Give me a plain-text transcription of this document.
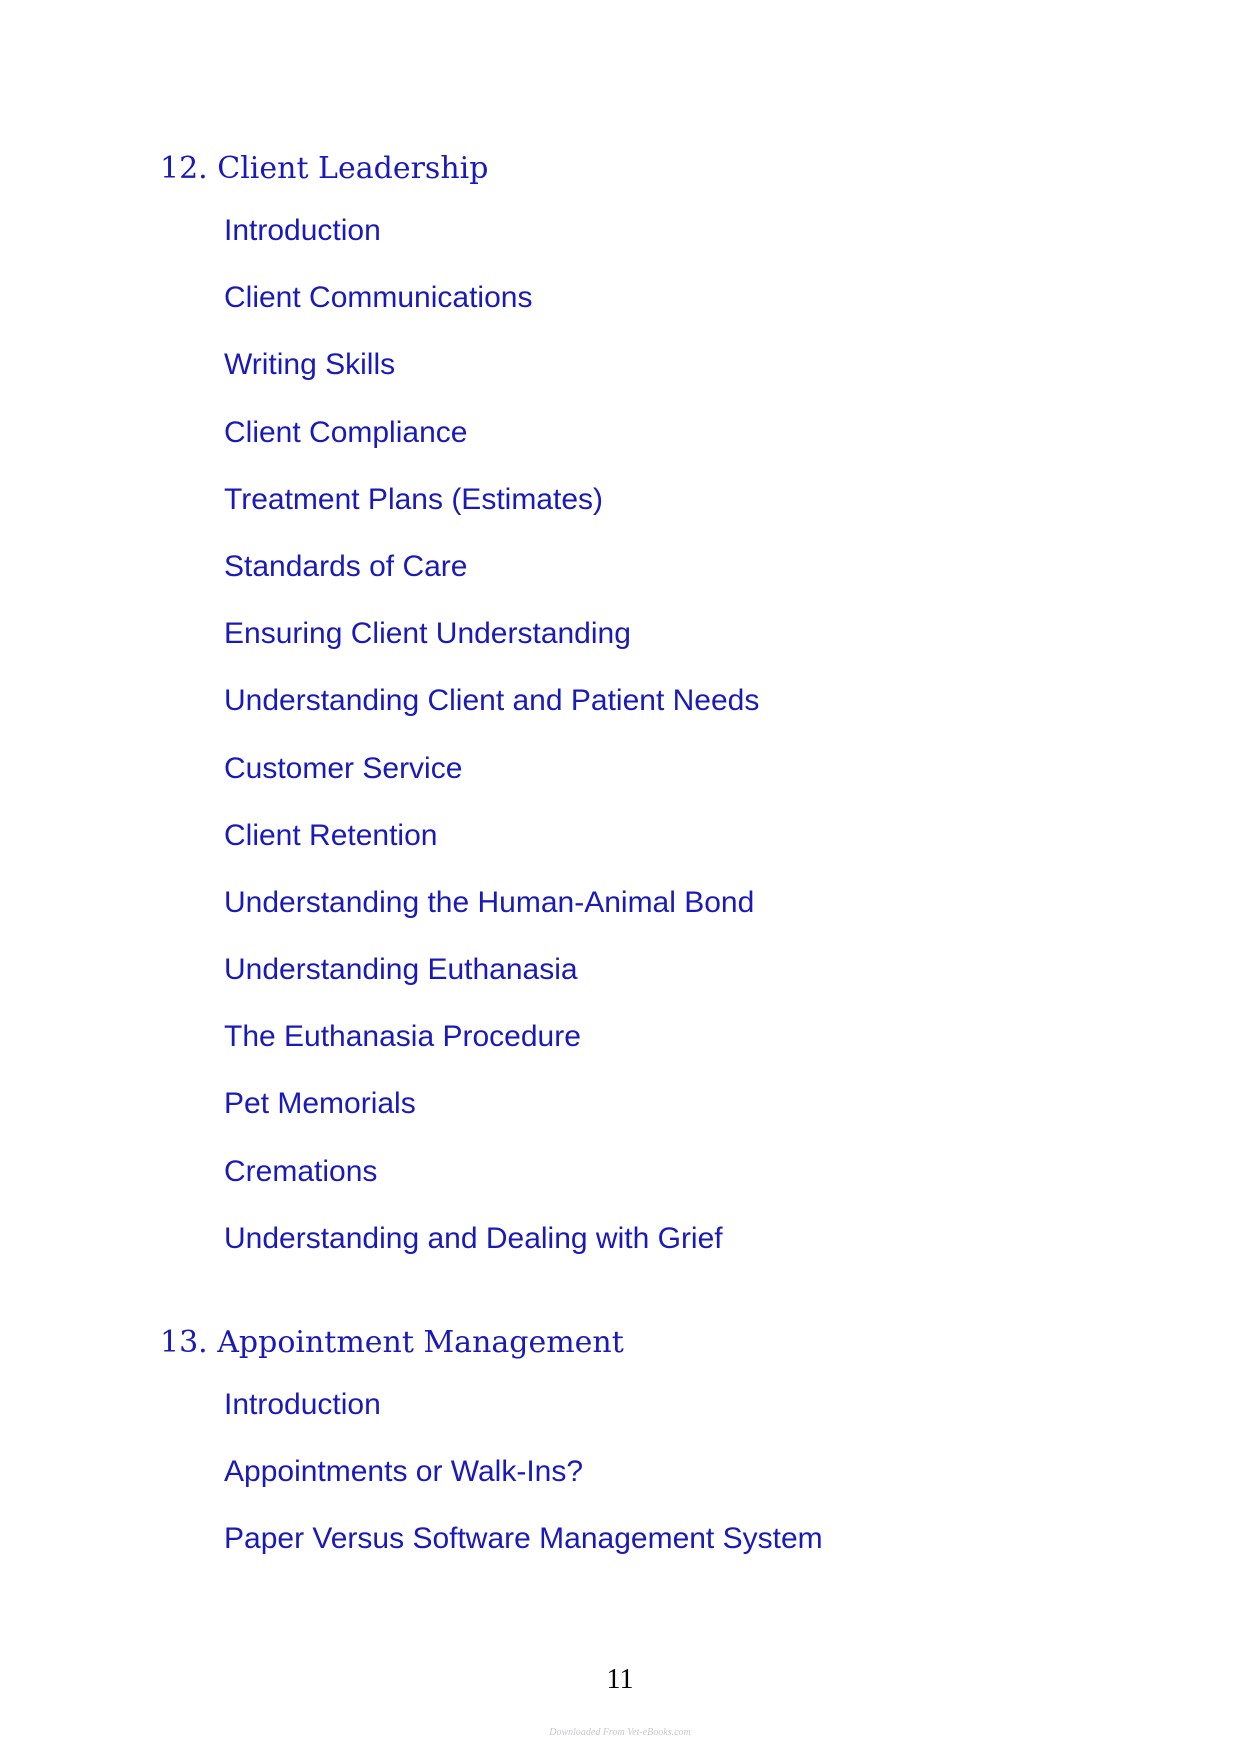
12. Client Leadership
Introduction
Client Communications
Writing Skills
Client Compliance
Treatment Plans (Estimates)
Standards of Care
Ensuring Client Understanding
Understanding Client and Patient Needs
Customer Service
Client Retention
Understanding the Human-Animal Bond
Understanding Euthanasia
The Euthanasia Procedure
Pet Memorials
Cremations
Understanding and Dealing with Grief
13. Appointment Management
Introduction
Appointments or Walk-Ins?
Paper Versus Software Management System
11
Downloaded From Vet-eBooks.com
